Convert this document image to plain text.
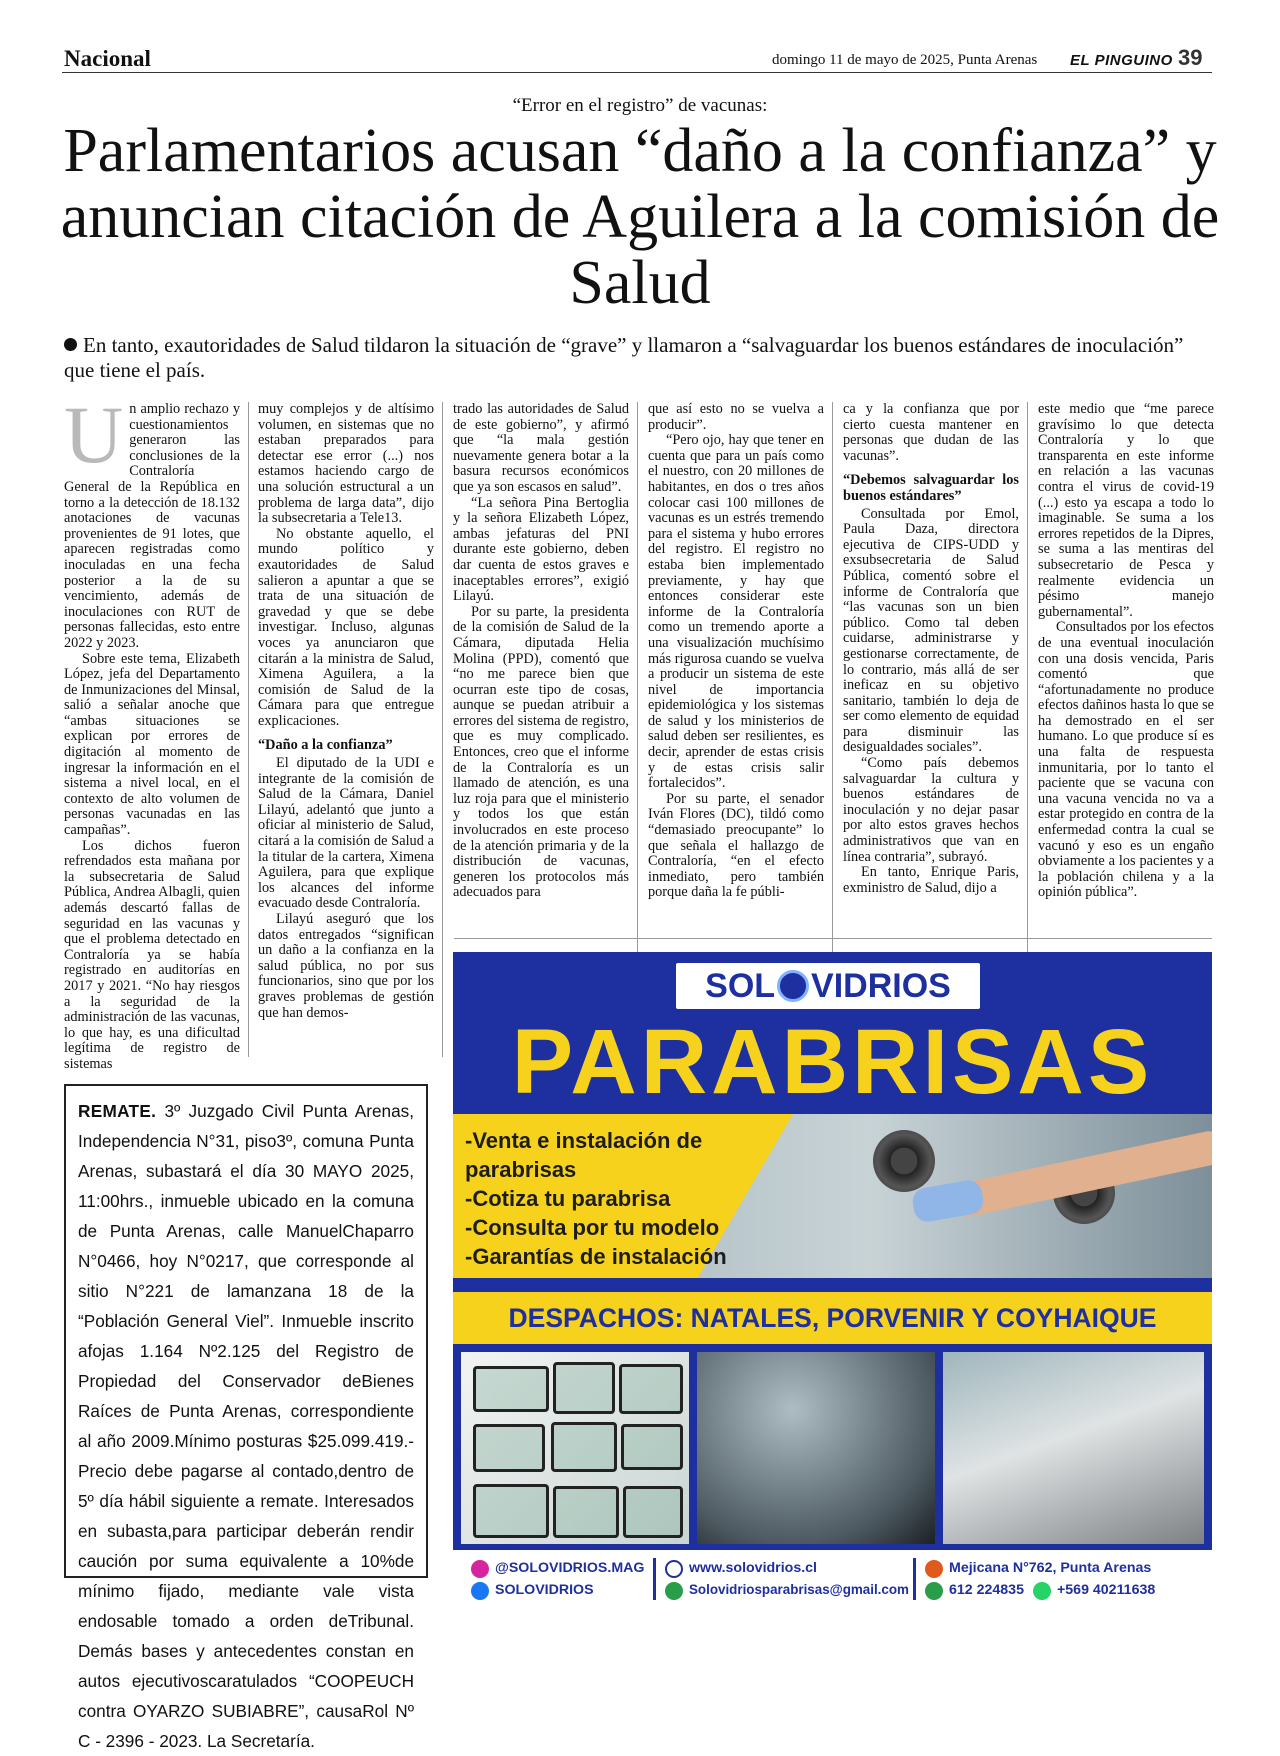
Nacional	domingo 11 de mayo de 2025, Punta Arenas EL PINGUINO 39
“Error en el registro” de vacunas:
Parlamentarios acusan “daño a la confianza” y anuncian citación de Aguilera a la comisión de Salud
En tanto, exautoridades de Salud tildaron la situación de “grave” y llamaron a “salvaguardar los buenos estándares de inoculación” que tiene el país.
U n amplio rechazo y cuestionamientos generaron las conclusiones de la Contraloría General de la República en torno a la detección de 18.132 anotaciones de vacunas provenientes de 91 lotes, que aparecen registradas como inoculadas en una fecha posterior a la de su vencimiento, además de inoculaciones con RUT de personas fallecidas, esto entre 2022 y 2023.

Sobre este tema, Elizabeth López, jefa del Departamento de Inmunizaciones del Minsal, salió a señalar anoche que “ambas situaciones se explican por errores de digitación al momento de ingresar la información en el sistema a nivel local, en el contexto de alto volumen de personas vacunadas en las campañas”.

Los dichos fueron refrendados esta mañana por la subsecretaria de Salud Pública, Andrea Albagli, quien además descartó fallas de seguridad en las vacunas y que el problema detectado en Contraloría ya se había registrado en auditorías en 2017 y 2021. “No hay riesgos a la seguridad de la administración de las vacunas, lo que hay, es una dificultad legítima de registro de sistemas

muy complejos y de altísimo volumen, en sistemas que no estaban preparados para detectar ese error (...) nos estamos haciendo cargo de una solución estructural a un problema de larga data”, dijo la subsecretaria a Tele13.

No obstante aquello, el mundo político y exautoridades de Salud salieron a apuntar a que se trata de una situación de gravedad y que se debe investigar. Incluso, algunas voces ya anunciaron que citarán a la ministra de Salud, Ximena Aguilera, a la comisión de Salud de la Cámara para que entregue explicaciones.

“Daño a la confianza”

El diputado de la UDI e integrante de la comisión de Salud de la Cámara, Daniel Lilayú, adelantó que junto a oficiar al ministerio de Salud, citará a la comisión de Salud a la titular de la cartera, Ximena Aguilera, para que explique los alcances del informe evacuado desde Contraloría.

Lilayú aseguró que los datos entregados “significan un daño a la confianza en la salud pública, no por sus funcionarios, sino que por los graves problemas de gestión que han demos-

trado las autoridades de Salud de este gobierno”, y afirmó que “la mala gestión nuevamente genera botar a la basura recursos económicos que ya son escasos en salud”.

“La señora Pina Bertoglia y la señora Elizabeth López, ambas jefaturas del PNI durante este gobierno, deben dar cuenta de estos graves e inaceptables errores”, exigió Lilayú.

Por su parte, la presidenta de la comisión de Salud de la Cámara, diputada Helia Molina (PPD), comentó que “no me parece bien que ocurran este tipo de cosas, aunque se puedan atribuir a errores del sistema de registro, que es muy complicado. Entonces, creo que el informe de la Contraloría es un llamado de atención, es una luz roja para que el ministerio y todos los que están involucrados en este proceso de la atención primaria y de la distribución de vacunas, generen los protocolos más adecuados para

que así esto no se vuelva a producir”.

“Pero ojo, hay que tener en cuenta que para un país como el nuestro, con 20 millones de habitantes, en dos o tres años colocar casi 100 millones de vacunas es un estrés tremendo para el sistema y hubo errores del registro. El registro no estaba bien implementado previamente, y hay que entonces considerar este informe de la Contraloría como un tremendo aporte a una visualización muchísimo más rigurosa cuando se vuelva a producir un sistema de este nivel de importancia epidemiológica y los sistemas de salud y los ministerios de salud deben ser resilientes, es decir, aprender de estas crisis y de estas crisis salir fortalecidos”.

Por su parte, el senador Iván Flores (DC), tildó como “demasiado preocupante” lo que señala el hallazgo de Contraloría, “en el efecto inmediato, pero también porque daña la fe públi-

ca y la confianza que por cierto cuesta mantener en personas que dudan de las vacunas”.

“Debemos salvaguardar los buenos estándares”

Consultada por Emol, Paula Daza, directora ejecutiva de CIPS-UDD y exsubsecretaria de Salud Pública, comentó sobre el informe de Contraloría que “las vacunas son un bien público. Como tal deben cuidarse, administrarse y gestionarse correctamente, de lo contrario, más allá de ser ineficaz en su objetivo sanitario, también lo deja de ser como elemento de equidad para disminuir las desigualdades sociales”.

“Como país debemos salvaguardar la cultura y buenos estándares de inoculación y no dejar pasar por alto estos graves hechos administrativos que van en línea contraria”, subrayó.

En tanto, Enrique Paris, exministro de Salud, dijo a

este medio que “me parece gravísimo lo que detecta Contraloría y lo que transparenta en este informe en relación a las vacunas contra el virus de covid-19 (...) esto ya escapa a todo lo imaginable. Se suma a los errores repetidos de la Dipres, se suma a las mentiras del subsecretario de Pesca y realmente evidencia un pésimo manejo gubernamental”.

Consultados por los efectos de una eventual inoculación con una dosis vencida, Paris comentó que “afortunadamente no produce efectos dañinos hasta lo que se ha demostrado en el ser humano. Lo que produce sí es una falta de respuesta inmunitaria, por lo tanto el paciente que se vacuna con una vacuna vencida no va a estar protegido en contra de la enfermedad contra la cual se vacunó y eso es un engaño obviamente a los pacientes y a la población chilena y a la opinión pública”.

REMATE. 3º Juzgado Civil Punta Arenas, Independencia N°31, piso3º, comuna Punta Arenas, subastará el día 30 MAYO 2025, 11:00hrs., inmueble ubicado en la comuna de Punta Arenas, calle ManuelChaparro N°0466, hoy N°0217, que corresponde al sitio N°221 de lamanzana 18 de la “Población General Viel”. Inmueble inscrito afojas 1.164 Nº2.125 del Registro de Propiedad del Conservador deBienes Raíces de Punta Arenas, correspondiente al año 2009.Mínimo posturas $25.099.419.- Precio debe pagarse al contado,dentro de 5º día hábil siguiente a remate. Interesados en subasta,para participar deberán rendir caución por suma equivalente a 10%de mínimo fijado, mediante vale vista endosable tomado a orden deTribunal. Demás bases y antecedentes constan en autos ejecutivoscaratulados “COOPEUCH contra OYARZO SUBIABRE”, causaRol Nº C - 2396 - 2023. La Secretaría.
SOL VIDRIOS
PARABRISAS
-Venta e instalación de
parabrisas
-Cotiza tu parabrisa
-Consulta por tu modelo
-Garantías de instalación
DESPACHOS: NATALES, PORVENIR Y COYHAIQUE
@SOLOVIDRIOS.MAG
SOLOVIDRIOS
www.solovidrios.cl
Solovidriosparabrisas@gmail.com
Mejicana N°762, Punta Arenas
612 224835 +569 40211638
